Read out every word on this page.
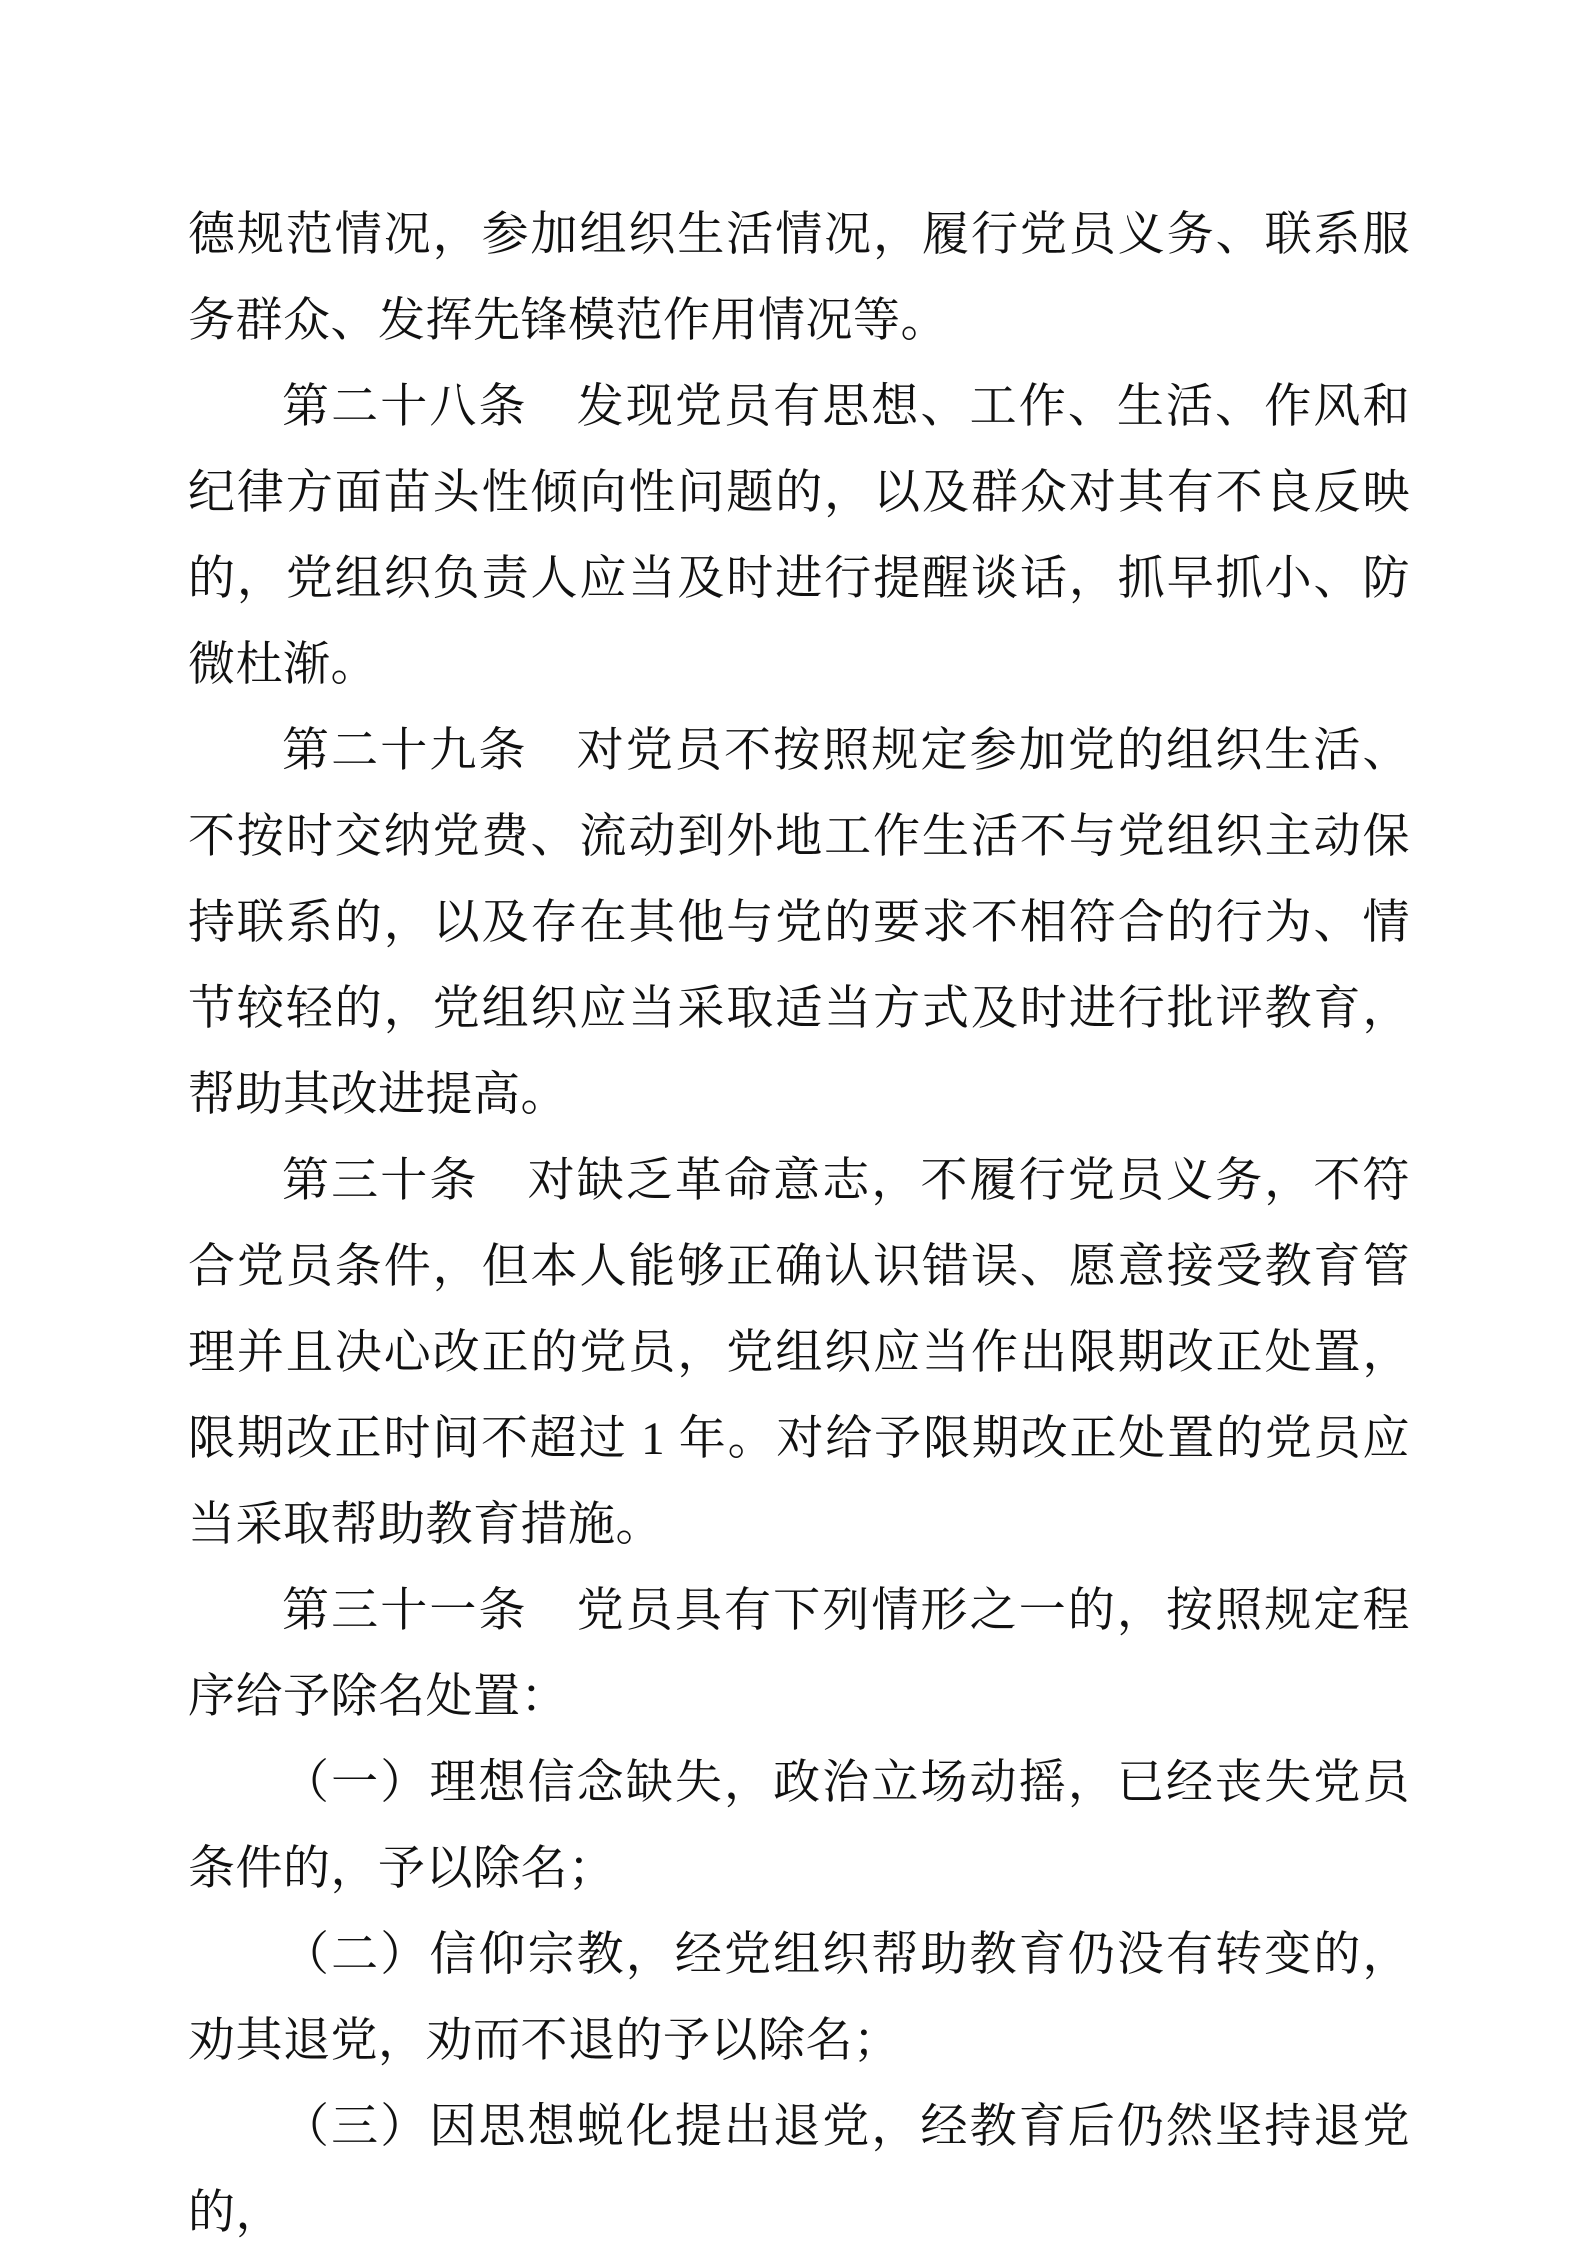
德规范情况，参加组织生活情况，履行党员义务、联系服务群众、发挥先锋模范作用情况等。

第二十八条　发现党员有思想、工作、生活、作风和纪律方面苗头性倾向性问题的，以及群众对其有不良反映的，党组织负责人应当及时进行提醒谈话，抓早抓小、防微杜渐。

第二十九条　对党员不按照规定参加党的组织生活、不按时交纳党费、流动到外地工作生活不与党组织主动保持联系的，以及存在其他与党的要求不相符合的行为、情节较轻的，党组织应当采取适当方式及时进行批评教育，帮助其改进提高。

第三十条　对缺乏革命意志，不履行党员义务，不符合党员条件，但本人能够正确认识错误、愿意接受教育管理并且决心改正的党员，党组织应当作出限期改正处置，限期改正时间不超过 1 年。对给予限期改正处置的党员应当采取帮助教育措施。

第三十一条　党员具有下列情形之一的，按照规定程序给予除名处置：

（一）理想信念缺失，政治立场动摇，已经丧失党员条件的，予以除名；

（二）信仰宗教，经党组织帮助教育仍没有转变的，劝其退党，劝而不退的予以除名；

（三）因思想蜕化提出退党，经教育后仍然坚持退党的，
